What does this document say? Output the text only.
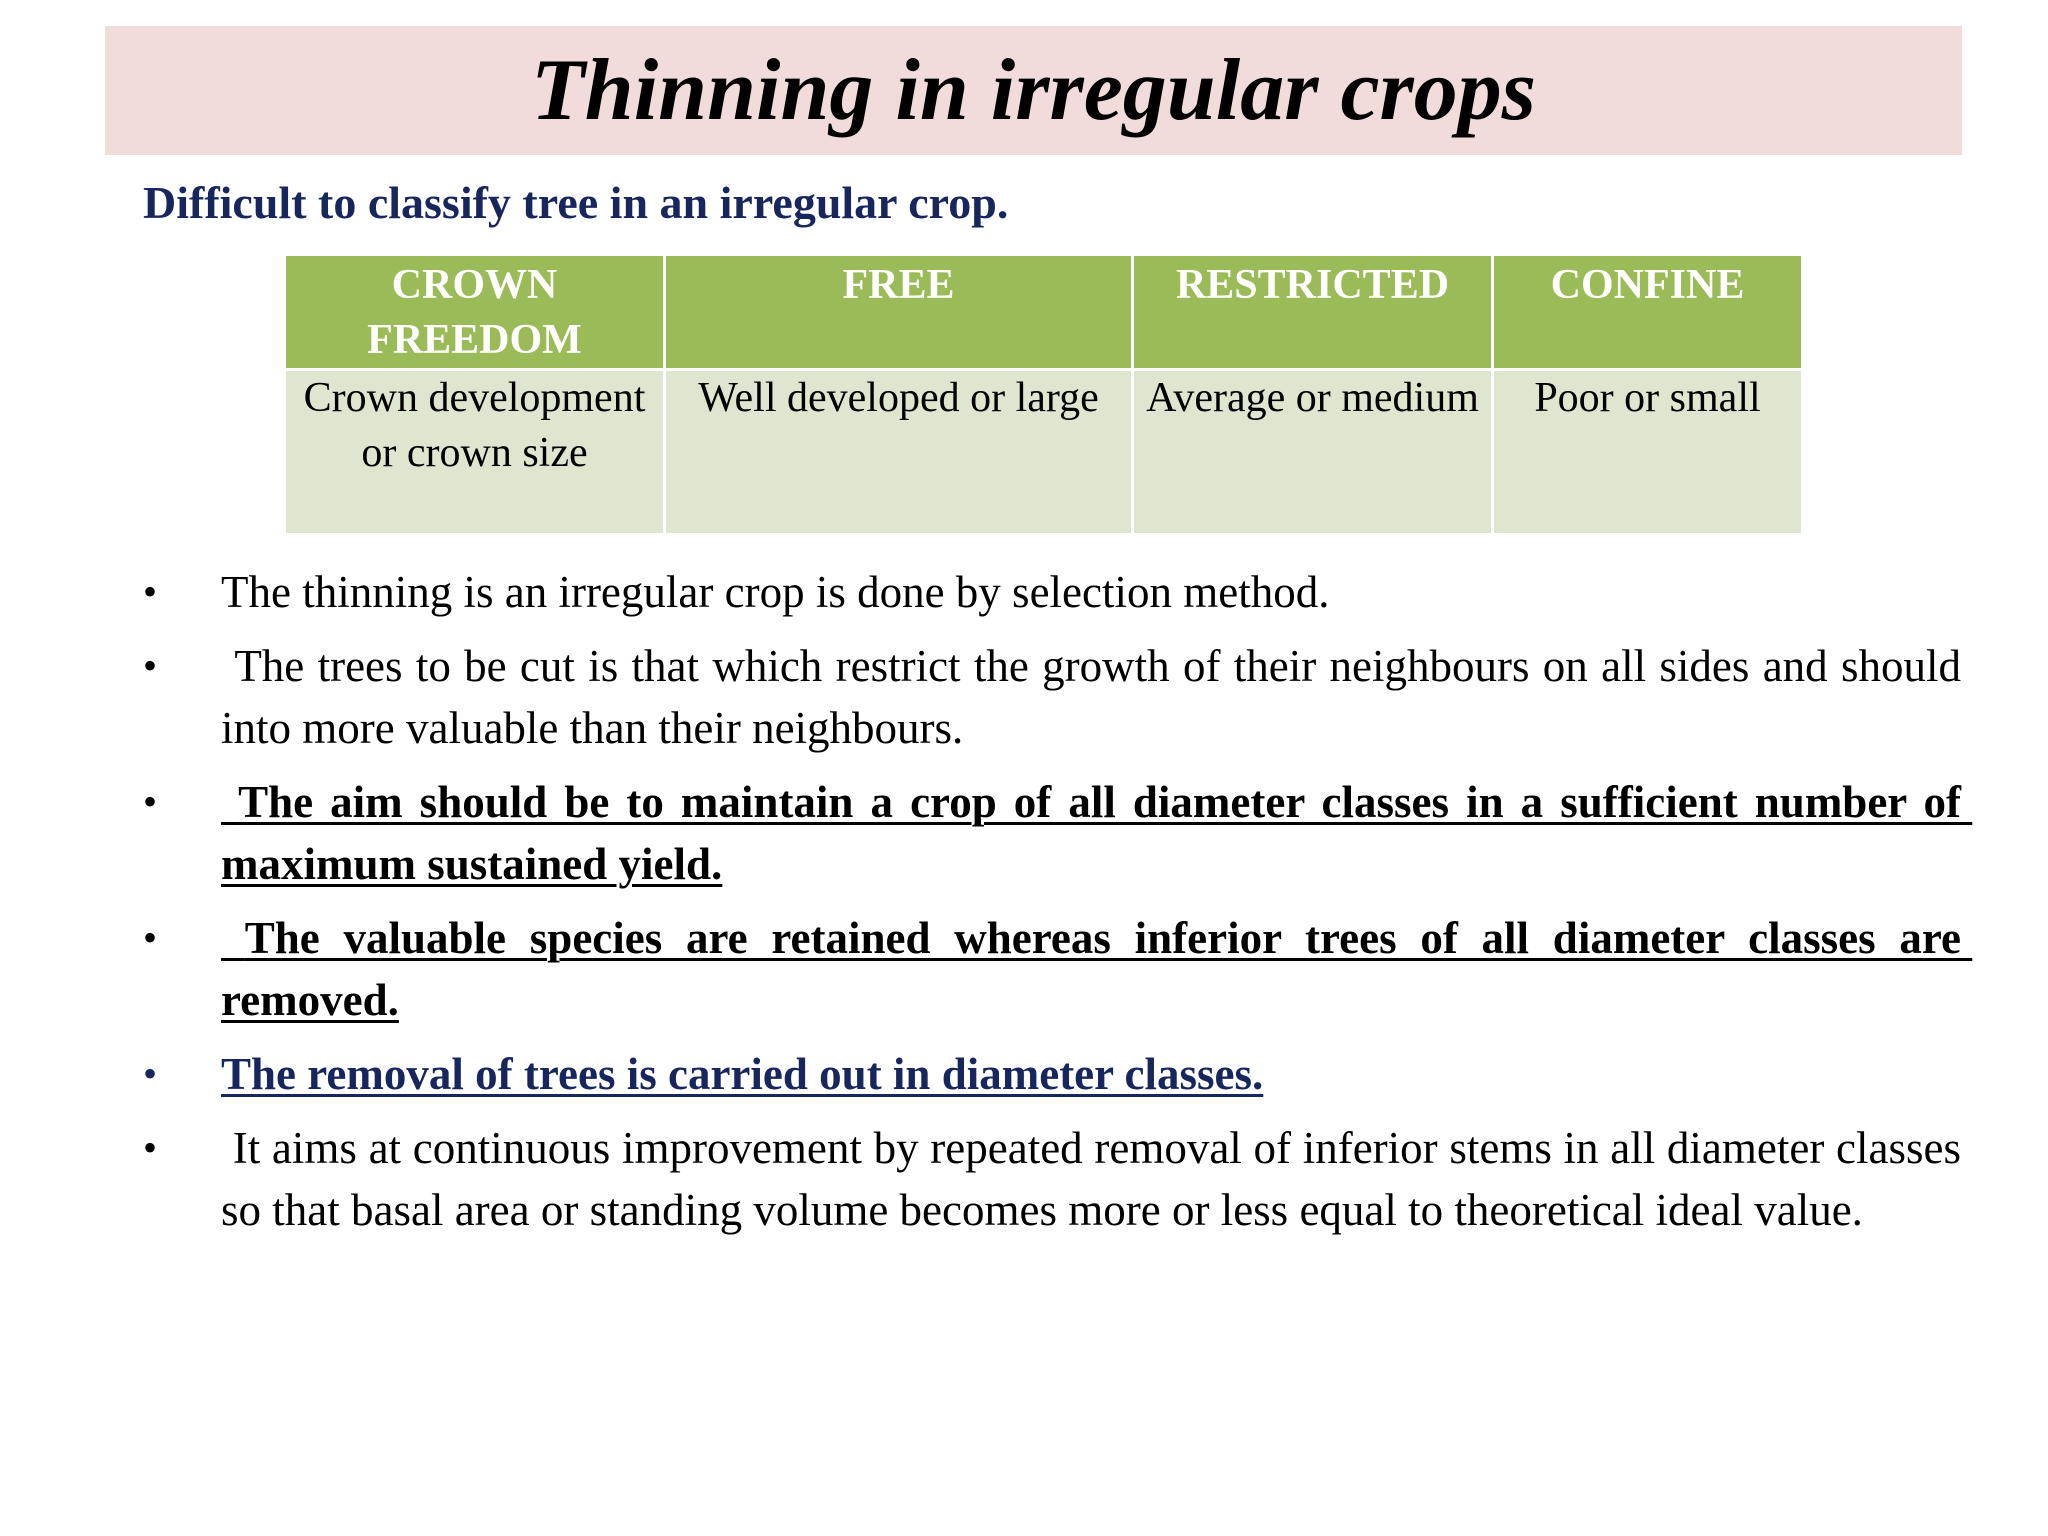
Thinning in irregular crops
Difficult to classify tree in an irregular crop.
CROWN FREEDOM	FREE	RESTRICTED	CONFINE
Crown development or crown size	Well developed or large	Average or medium	Poor or small
•	The thinning is an irregular crop is done by selection method.
•	The trees to be cut is that which restrict the growth of their neighbours on all sides and should into more valuable than their neighbours.
•	The aim should be to maintain a crop of all diameter classes in a sufficient number of maximum sustained yield.
•	The valuable species are retained whereas inferior trees of all diameter classes are removed.
•	The removal of trees is carried out in diameter classes.
•	It aims at continuous improvement by repeated removal of inferior stems in all diameter classes so that basal area or standing volume becomes more or less equal to theoretical ideal value.
